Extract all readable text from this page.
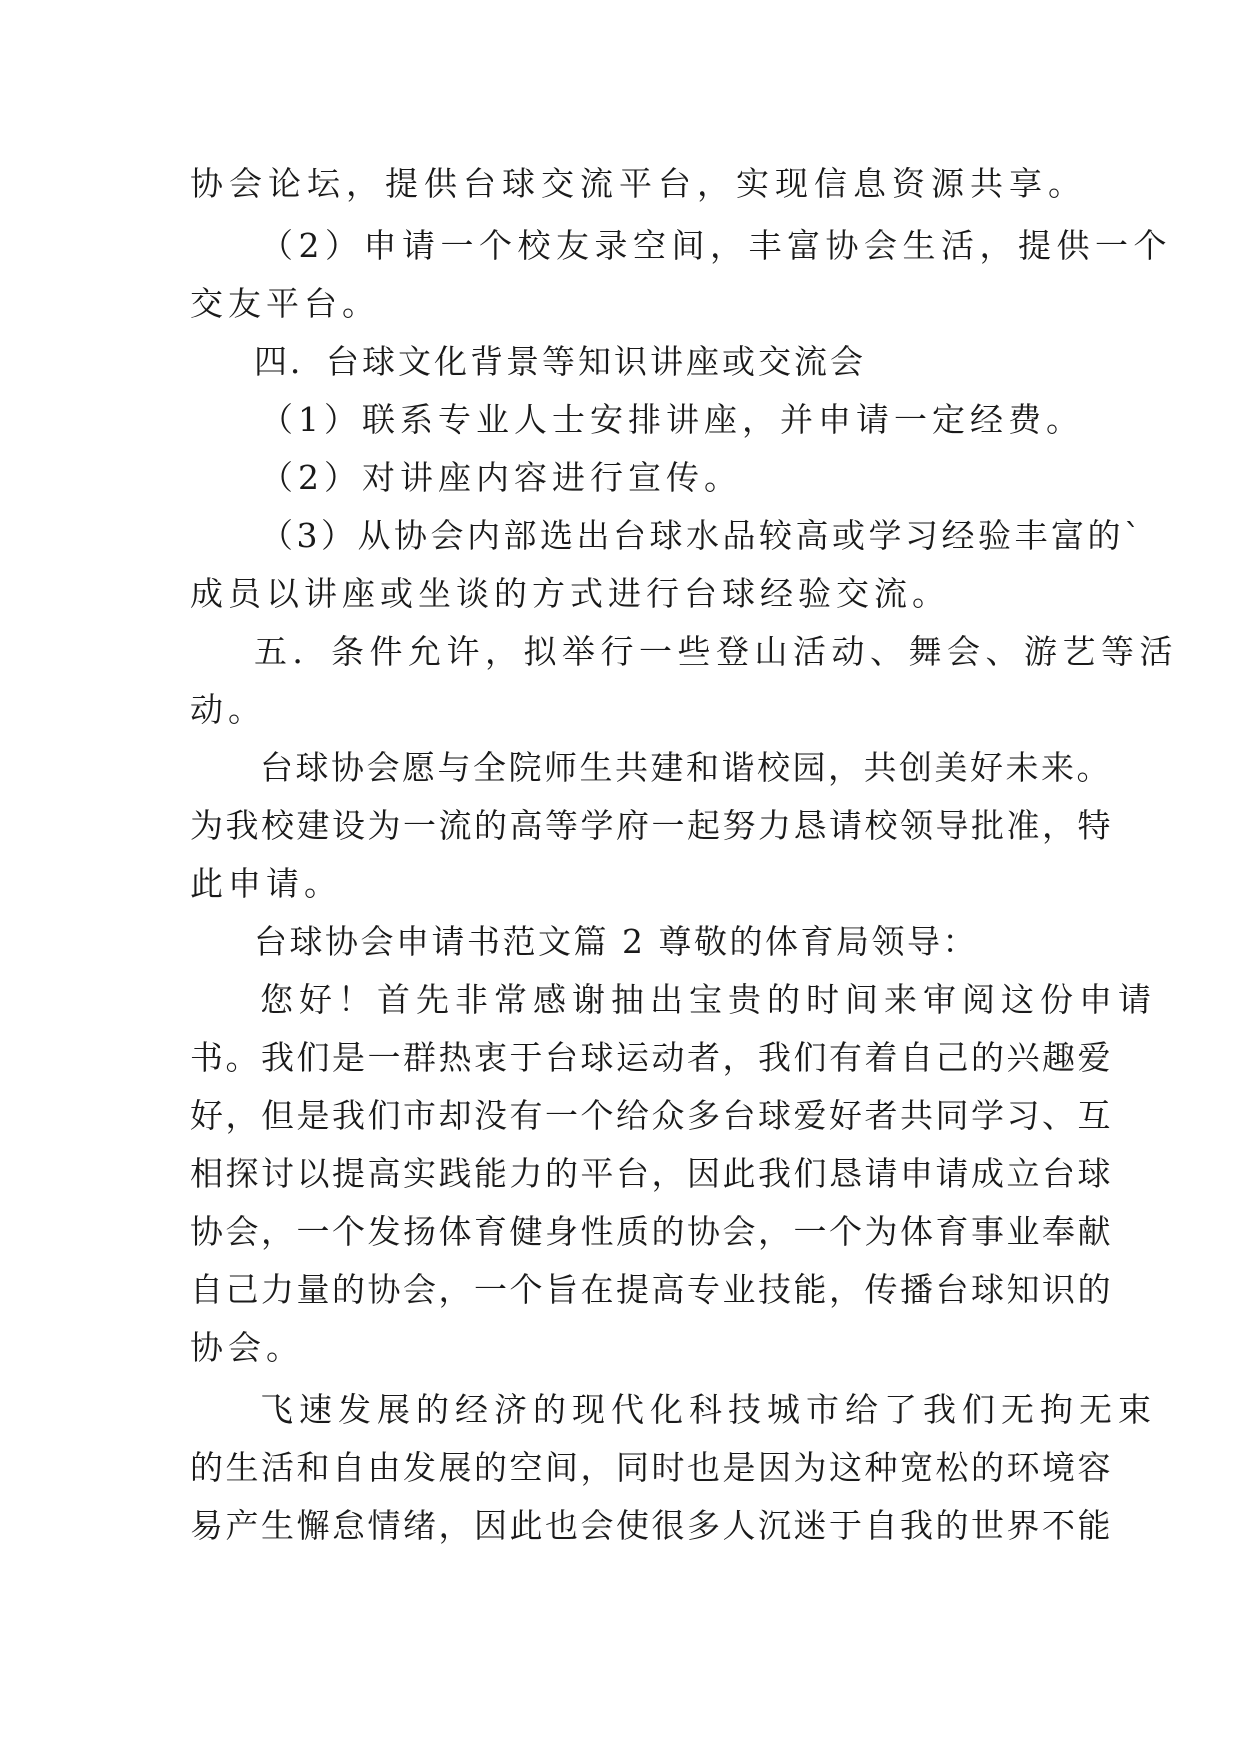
协会论坛，提供台球交流平台，实现信息资源共享。
（2）申请一个校友录空间，丰富协会生活，提供一个
交友平台。
四．台球文化背景等知识讲座或交流会
（1）联系专业人士安排讲座，并申请一定经费。
（2）对讲座内容进行宣传。
（3）从协会内部选出台球水品较高或学习经验丰富的`
成员以讲座或坐谈的方式进行台球经验交流。
五．条件允许，拟举行一些登山活动、舞会、游艺等活
动。
台球协会愿与全院师生共建和谐校园，共创美好未来。
为我校建设为一流的高等学府一起努力恳请校领导批准，特
此申请。
台球协会申请书范文篇 2 尊敬的体育局领导：
您好！首先非常感谢抽出宝贵的时间来审阅这份申请
书。我们是一群热衷于台球运动者，我们有着自己的兴趣爱
好，但是我们市却没有一个给众多台球爱好者共同学习、互
相探讨以提高实践能力的平台，因此我们恳请申请成立台球
协会，一个发扬体育健身性质的协会，一个为体育事业奉献
自己力量的协会，一个旨在提高专业技能，传播台球知识的
协会。
飞速发展的经济的现代化科技城市给了我们无拘无束
的生活和自由发展的空间，同时也是因为这种宽松的环境容
易产生懈怠情绪，因此也会使很多人沉迷于自我的世界不能
